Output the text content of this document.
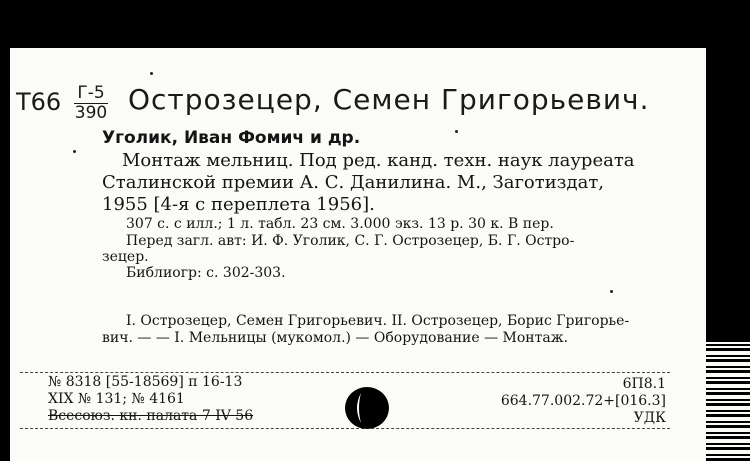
Т66 Г-5
390 Острозецер, Семен Григорьевич.
Уголик, Иван Фомич и др.
Монтаж мельниц. Под ред. канд. техн. наук лауреата
Сталинской премии А. С. Данилина. М., Заготиздат,
1955 [4-я с переплета 1956].
307 с. с илл.; 1 л. табл. 23 см. 3.000 экз. 13 р. 30 к. В пер.
Перед загл. авт: И. Ф. Уголик, С. Г. Острозецер, Б. Г. Остро-
зецер.
Библиогр: с. 302-303.
I. Острозецер, Семен Григорьевич. II. Острозецер, Борис Григорье-
вич. — — I. Мельницы (мукомол.) — Оборудование — Монтаж.
№ 8318 [55-18569] п 16-13
XIX № 131; № 4161
Всесоюз. кн. палата 7 IV 56
6П8.1
664.77.002.72+[016.3]
УДК
